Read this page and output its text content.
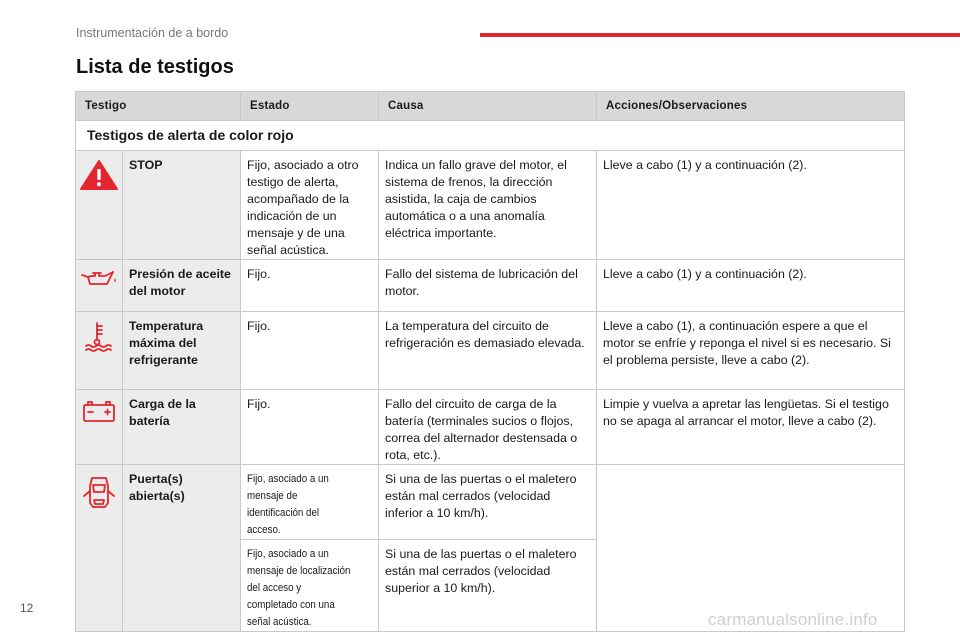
Instrumentación de a bordo
Lista de testigos
Testigo		Estado	Causa	Acciones/Observaciones
Testigos de alerta de color rojo				
	STOP	Fijo, asociado a otro testigo de alerta, acompañado de la indicación de un mensaje y de una señal acústica.	Indica un fallo grave del motor, el sistema de frenos, la dirección asistida, la caja de cambios automática o a una anomalía eléctrica importante.	Lleve a cabo (1) y a continuación (2).
	Presión de aceite del motor	Fijo.	Fallo del sistema de lubricación del motor.	Lleve a cabo (1) y a continuación (2).
	Temperatura máxima del refrigerante	Fijo.	La temperatura del circuito de refrigeración es demasiado elevada.	Lleve a cabo (1), a continuación espere a que el motor se enfríe y reponga el nivel si es necesario. Si el problema persiste, lleve a cabo (2).
	Carga de la batería	Fijo.	Fallo del circuito de carga de la batería (terminales sucios o flojos, correa del alternador destensada o rota, etc.).	Limpie y vuelva a apretar las lengüetas. Si el testigo no se apaga al arrancar el motor, lleve a cabo (2).
	Puerta(s) abierta(s)	Fijo, asociado a un mensaje de identificación del acceso.	Si una de las puertas o el maletero están mal cerrados (velocidad inferior a 10 km/h).	

		Fijo, asociado a un mensaje de localización del acceso y completado con una señal acústica.	Si una de las puertas o el maletero están mal cerrados (velocidad superior a 10 km/h).	
12
carmanualsonline.info
